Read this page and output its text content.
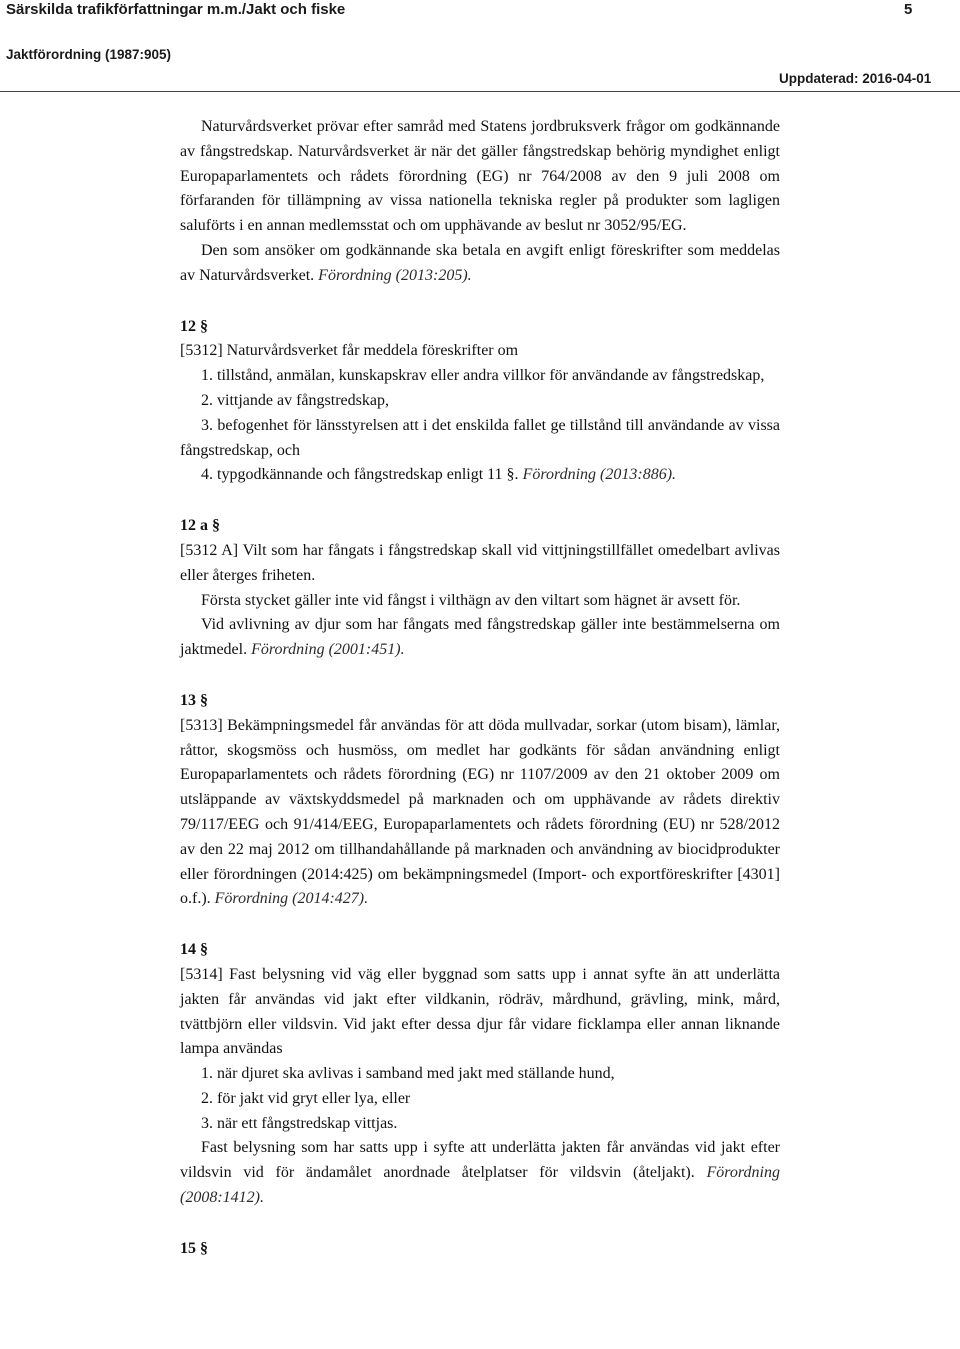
Särskilda trafikförfattningar m.m./Jakt och fiske	5
Jaktförordning (1987:905)
Uppdaterad: 2016-04-01

Naturvårdsverket prövar efter samråd med Statens jordbruksverk frågor om godkännande av fångstredskap. Naturvårdsverket är när det gäller fångstredskap behörig myndighet enligt Europaparlamentets och rådets förordning (EG) nr 764/2008 av den 9 juli 2008 om förfaranden för tillämpning av vissa nationella tekniska regler på produkter som lagligen saluförts i en annan medlemsstat och om upphävande av beslut nr 3052/95/EG.

Den som ansöker om godkännande ska betala en avgift enligt föreskrifter som meddelas av Naturvårdsverket. Förordning (2013:205).

12 §

[5312] Naturvårdsverket får meddela föreskrifter om

1. tillstånd, anmälan, kunskapskrav eller andra villkor för användande av fångstredskap,

2. vittjande av fångstredskap,

3. befogenhet för länsstyrelsen att i det enskilda fallet ge tillstånd till användande av vissa fångstredskap, och

4. typgodkännande och fångstredskap enligt 11 §. Förordning (2013:886).

12 a §

[5312 A] Vilt som har fångats i fångstredskap skall vid vittjningstillfället omedelbart avlivas eller återges friheten.

Första stycket gäller inte vid fångst i vilthägn av den viltart som hägnet är avsett för.

Vid avlivning av djur som har fångats med fångstredskap gäller inte bestämmelserna om jaktmedel. Förordning (2001:451).

13 §

[5313] Bekämpningsmedel får användas för att döda mullvadar, sorkar (utom bisam), lämlar, råttor, skogsmöss och husmöss, om medlet har godkänts för sådan användning enligt Europaparlamentets och rådets förordning (EG) nr 1107/2009 av den 21 oktober 2009 om utsläppande av växtskyddsmedel på marknaden och om upphävande av rådets direktiv 79/117/EEG och 91/414/EEG, Europaparlamentets och rådets förordning (EU) nr 528/2012 av den 22 maj 2012 om tillhandahållande på marknaden och användning av biocidprodukter eller förordningen (2014:425) om bekämpningsmedel (Import- och exportföreskrifter [4301] o.f.). Förordning (2014:427).

14 §

[5314] Fast belysning vid väg eller byggnad som satts upp i annat syfte än att underlätta jakten får användas vid jakt efter vildkanin, rödräv, mårdhund, grävling, mink, mård, tvättbjörn eller vildsvin. Vid jakt efter dessa djur får vidare ficklampa eller annan liknande lampa användas

1. när djuret ska avlivas i samband med jakt med ställande hund,

2. för jakt vid gryt eller lya, eller

3. när ett fångstredskap vittjas.

Fast belysning som har satts upp i syfte att underlätta jakten får användas vid jakt efter vildsvin vid för ändamålet anordnade åtelplatser för vildsvin (åteljakt). Förordning (2008:1412).

15 §
